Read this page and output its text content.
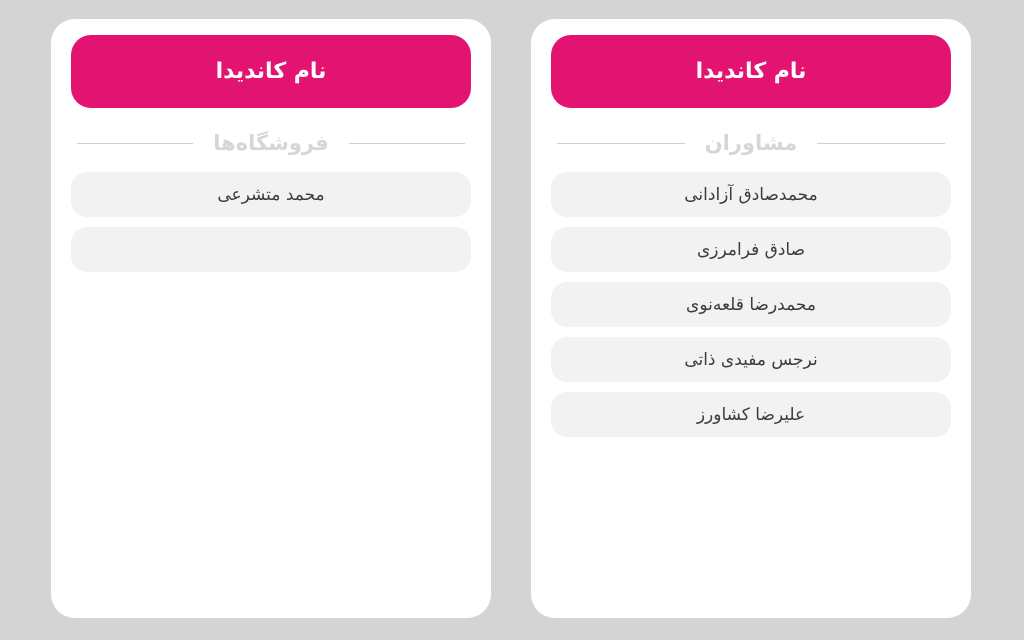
نام کاندیدا
فروشگاه‌ها
محمد متشرعی
نام کاندیدا
مشاوران
محمدصادق آزادانی
صادق فرامرزی
محمدرضا قلعه‌نوی
نرجس مفیدی ذاتی
علیرضا کشاورز
